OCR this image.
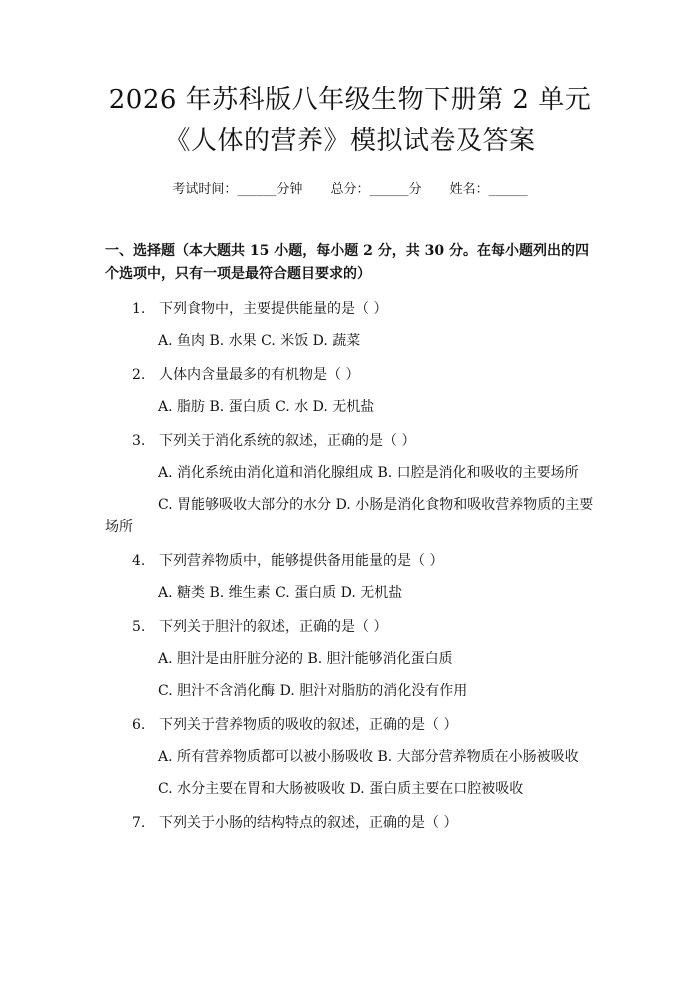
2026 年苏科版八年级生物下册第 2 单元《人体的营养》模拟试卷及答案
考试时间：______分钟 总分：______分 姓名：______
一、选择题（本大题共 15 小题，每小题 2 分，共 30 分。在每小题列出的四个选项中，只有一项是最符合题目要求的）
1. 下列食物中，主要提供能量的是（ ）
A. 鱼肉 B. 水果 C. 米饭 D. 蔬菜
2. 人体内含量最多的有机物是（ ）
A. 脂肪 B. 蛋白质 C. 水 D. 无机盐
3. 下列关于消化系统的叙述，正确的是（ ）
A. 消化系统由消化道和消化腺组成 B. 口腔是消化和吸收的主要场所
C. 胃能够吸收大部分的水分 D. 小肠是消化食物和吸收营养物质的主要场所
4. 下列营养物质中，能够提供备用能量的是（ ）
A. 糖类 B. 维生素 C. 蛋白质 D. 无机盐
5. 下列关于胆汁的叙述，正确的是（ ）
A. 胆汁是由肝脏分泌的 B. 胆汁能够消化蛋白质
C. 胆汁不含消化酶 D. 胆汁对脂肪的消化没有作用
6. 下列关于营养物质的吸收的叙述，正确的是（ ）
A. 所有营养物质都可以被小肠吸收 B. 大部分营养物质在小肠被吸收
C. 水分主要在胃和大肠被吸收 D. 蛋白质主要在口腔被吸收
7. 下列关于小肠的结构特点的叙述，正确的是（ ）
